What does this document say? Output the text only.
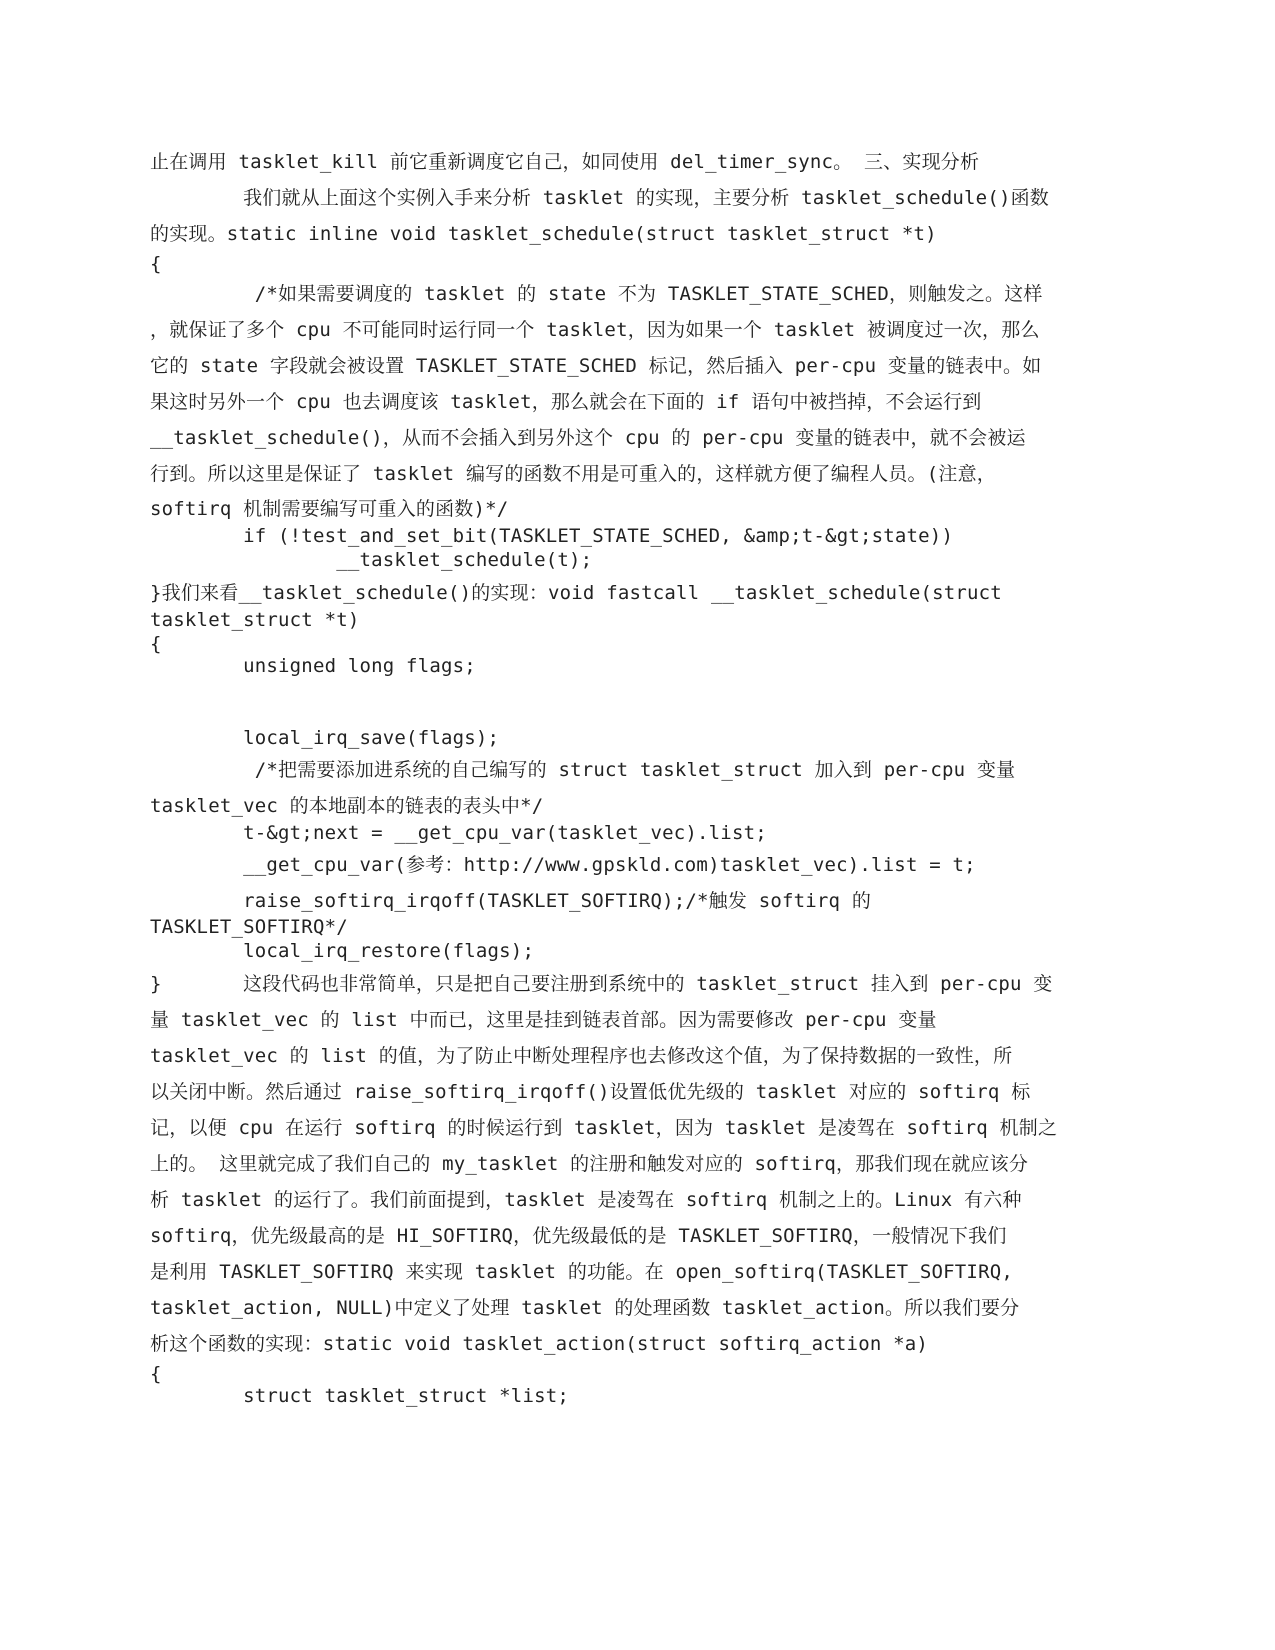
止在调用 tasklet_kill 前它重新调度它自己，如同使用 del_timer_sync。 三、实现分析
我们就从上面这个实例入手来分析 tasklet 的实现，主要分析 tasklet_schedule()函数
的实现。static inline void tasklet_schedule(struct tasklet_struct *t)
{
/*如果需要调度的 tasklet 的 state 不为 TASKLET_STATE_SCHED，则触发之。这样
，就保证了多个 cpu 不可能同时运行同一个 tasklet，因为如果一个 tasklet 被调度过一次，那么
它的 state 字段就会被设置 TASKLET_STATE_SCHED 标记，然后插入 per-cpu 变量的链表中。如
果这时另外一个 cpu 也去调度该 tasklet，那么就会在下面的 if 语句中被挡掉，不会运行到
__tasklet_schedule()，从而不会插入到另外这个 cpu 的 per-cpu 变量的链表中，就不会被运
行到。所以这里是保证了 tasklet 编写的函数不用是可重入的，这样就方便了编程人员。(注意，
softirq 机制需要编写可重入的函数)*/
if (!test_and_set_bit(TASKLET_STATE_SCHED, &amp;t-&gt;state))
__tasklet_schedule(t);
}我们来看__tasklet_schedule()的实现：void fastcall __tasklet_schedule(struct
tasklet_struct *t)
{
unsigned long flags;
local_irq_save(flags);
/*把需要添加进系统的自己编写的 struct tasklet_struct 加入到 per-cpu 变量
tasklet_vec 的本地副本的链表的表头中*/
t-&gt;next = __get_cpu_var(tasklet_vec).list;
__get_cpu_var(参考：http://www.gpskld.com)tasklet_vec).list = t;
raise_softirq_irqoff(TASKLET_SOFTIRQ);/*触发 softirq 的
TASKLET_SOFTIRQ*/
local_irq_restore(flags);
}       这段代码也非常简单，只是把自己要注册到系统中的 tasklet_struct 挂入到 per-cpu 变
量 tasklet_vec 的 list 中而已，这里是挂到链表首部。因为需要修改 per-cpu 变量
tasklet_vec 的 list 的值，为了防止中断处理程序也去修改这个值，为了保持数据的一致性，所
以关闭中断。然后通过 raise_softirq_irqoff()设置低优先级的 tasklet 对应的 softirq 标
记，以便 cpu 在运行 softirq 的时候运行到 tasklet，因为 tasklet 是凌驾在 softirq 机制之
上的。 这里就完成了我们自己的 my_tasklet 的注册和触发对应的 softirq，那我们现在就应该分
析 tasklet 的运行了。我们前面提到，tasklet 是凌驾在 softirq 机制之上的。Linux 有六种
softirq，优先级最高的是 HI_SOFTIRQ，优先级最低的是 TASKLET_SOFTIRQ，一般情况下我们
是利用 TASKLET_SOFTIRQ 来实现 tasklet 的功能。在 open_softirq(TASKLET_SOFTIRQ,
tasklet_action, NULL)中定义了处理 tasklet 的处理函数 tasklet_action。所以我们要分
析这个函数的实现：static void tasklet_action(struct softirq_action *a)
{
struct tasklet_struct *list;
